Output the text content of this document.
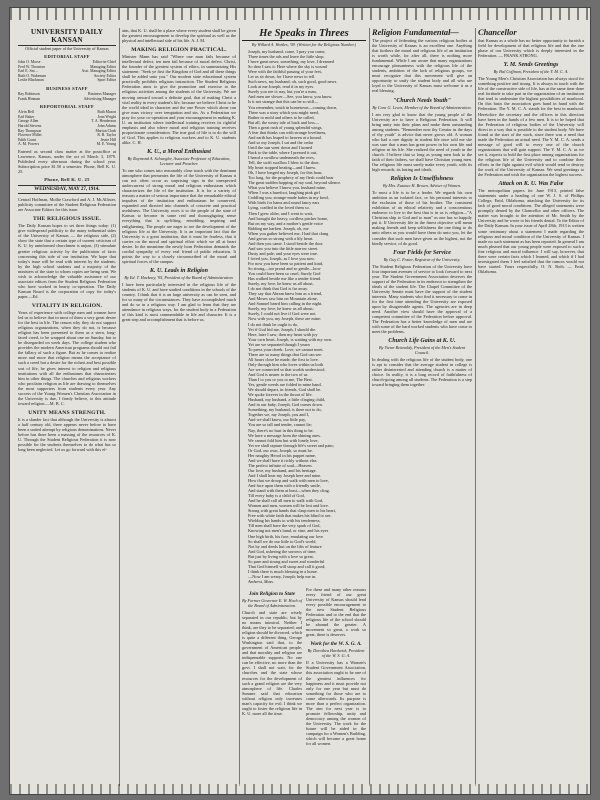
UNIVERSITY DAILY KANSAN
Official student paper of the University of Kansas
EDITORIAL STAFF
John O. Morse	Editor-in-Chief
Fred W. Thornton	Managing Editor
Earl E. Sm ...	Asst. Managing Editor
Ruth O. Wakeman	Society Editor
Leslie Blackman	Sport Editor
BUSINESS STAFF
Ray Robinson	Business Manager
Frank Hinman	Advertising Manager
REPORTORIAL STAFF
Alvin Bell	Ruth Mason
Earl Baker	Jean Wright
George Allen	T. A. Henderson
Harold Stevens	John Adams
Ray Thompson	Marion Clark
Florence Miller	R. B. Taylor
Edith Grant	Jessie Hill
A. M. Powers	M. E. Young
Entered as second class matter at the postoffice at Lawrence, Kansas, under the act of March 3, 1879. Published every afternoon during the school year. Subscription price $1.50 a semester. Phone, Bell K. U. 25.
Phone, Bell K. U. 25
WEDNESDAY, MAY 27, 1914.
Central Hoffman, Mollie Crawford and A. J. McAllister, publicity committee of the Student Religious Federation are Associate Editors for this issue.
THE RELIGIOUS ISSUE.
The Daily Kansan hopes to set three things today: (1) give widespread publicity to the many influential sides of the University of Kansas — the religious side, (2) show the state that a certain type of current criticism of K. U. by uninformed churchmen is unjust, (3) stimulate greater religious activity by the publication of facts concerning this side of our institution. We hope that today's issue will be read with interest by the students, by the high school students and a majority of the ministers of the state to whom copies are being sent. We wish to acknowledge the valuable assistance of our associate editors from the Student Religious Federation who have worked in hearty co-operation. The Daily Kansan Board is the corporation of copy for today's paper.—Ed.
VITALITY IN RELIGION.
Years of experience with college men and women have led us to believe that in most of them a very great desire for the best in life. The reason why they do not support religious organizations, when they do not, is because religion has been presented to them as a stern, long-faced creed, to be wrapped about one on Sunday, but to be disregarded on week days. The college student who provides the modern American programs should not fail the fallacy of such a figure. But as he comes to realize more and more that religion means the acceptance of such a creed but a desire for the richest and best possible sort of life, he gives interest to religion and religious institutions with all the enthusiasm that characterizes him in other things. The churches and religious workers who proclaim religion as life are drawing to themselves the most supporters from students every year. Any success of the Young Women's Christian Association in the University is due, I firmly believe, to this attitude toward religion.—M. B. C.
UNITY MEANS STRENGTH.
It is a slander fact that although the University is almost a half century old, there appears never before to have been a united attempt by religious denominations. Never before has there been a massing of the resources of K. U. Through the Student Religious Federation it is now possible for the students themselves to do what has so long been neglected. Let us go forward with this ef-
aim, that K. U. shall be a place where every student shall be given the greatest encouragement to develop the spiritual as well as the physical and intellectual side of his life. A. J. M.
MAKING RELIGION PRACTICAL.
Minister Mann has said "Where one man fails because of intellectual defect, ten men fail because of moral defect. Christ, the founder of the greatest system of ethics, in summarizing His statement: "Seek ye first the Kingdom of God and all these things shall be added unto you." Our modern state educational system practically prohibits religious instruction. The Student Religious Federation aims to give the promotion and exercise to the religious activities among the students of the University. We are moving onward toward a definite goal, that of making Christ a vital reality in every student's life, because we believe Christ to be the world ideal in character and the one Power which alone can give man victory over temptation and sin. As a Federation we pray for your co-operation and your encouragement in making K. U. an institution where intellectual training receives its rightful emphasis and also where moral and religious training receives proportionate consideration. The true goal of life is to do the will of God. This applies to religious workers and to K. U. students alike. C. H.
K. U., a Moral Enthusiast
By Raymond A. Schwegler, Associate Professor of Education, Lecturer and Preacher.
To one who comes into reasonably close touch with the dominant atmosphere that permeates the life of the University of Kansas it can not often occur as surprising sign in the unexpected undercurrent of strong moral and religious enthusiasm which characterizes the life of the institution. It is for a variety of reasons a matter of serious importance that the remarkable ethical impulses of the institution and enthusiasm be conserved, expanded and directed into channels of concrete and practical usefulness. The University owes it to the people of the state of Kansas to become in some real and thoroughgoing sense everything that is up-lifting, ennobling, inspiring and enlightening. The people are eager to see the development of the religious life at the University. It is an important fact that the University is a great institution, that it must be fearless, that it carries on the moral and spiritual effort which we all at heart desire. In the meantime the newly born Federation demands the cordial sympathy of every real friend of public education. It points the way to a closely circumscribed of the moral and spiritual forces of the campus.
K. U. Leads in Religion
By Ed. T. Hackney, '95, President of the Board of Administration.
I have been particularly interested in the religious life of the students of K. U. and have studied conditions in the schools of the country. I think that it is an large university as can be seen, and for so many of the circumstances. They have accomplished much and do so in a religious way. I am glad to learn that they are attendance in religious ways, for the student body in a Federation of this kind is most commendable in life and character. It is a great step and accomplishment that is before us.
He Speaks in Threes
By Willard A. Wattles, '09. (Written for the Religious Number.)
Joseph, my husband, come, I pray you come,
Three times the ads and leave the little shop.
I have great news; something, my love, I dreamed
So dear I saw it. Here where the sky is wound
Were with the faithful passing of your feet,
Let us sit down, for I have news to tell.
Such news, my husband, oh, such good, good news.
Look at me Joseph, read it in my eyes.
Surely you see it; nay, but you're a man,
And men are slower—See, you know, you know.
Is it not strange that this can be so still—
You remember, south in hometown—coming down,
There was a story which you might need,
Bather to mold and others to be called,
But all, the weary tale of back and loss—
Then a great rush of young splendid wings,
A fear that thinks can with strange loveliness,
And earth has leaped to heaven at a bound.
And so my Joseph, I sat and the cedar
Until the sun went down and I turned
Back to the table, where I pressed it out,
I heard a swallow underneath the eves,
Tell, the swift swallow I blew to the door,
My heart stopped beating—and I knew.
Oh, I have longed my Joseph, for this hour,
Too long, for the prophecy of my flesh could hear
The great sudden hopping of my soul, beyond silence.
What you believe I know you, husband mine,
When I was a barefoot, laughing pink girl
Coddling you, strange-made babes in my bowl,
With birds for hams and round fancy ears
Lying, cradled in the loved them so.
Then I grew older, and I went to wait,
And brought the heavy, cordless pitcher home,
But on my way, and a mother's gentle voice
Bidding me harken. Joseph, oh, me
When you gather believed me, I had that clang
And grown so strong with a lily heart.
And then you came. I stood beside the door
And saw you into the little narrow street.
Dusty and pale, and your eyes were true.
I loved you, Joseph, as I love you now.
For now you have been so patient and kind,
So strong—too proud and so gentle—how
You could have been so cruel, Surely God
Has walked beside me like a tender friend.
Surely, my love, he knew us all about,
I do not think that God is far away.
They say that Abram knew him as a friend,
And Moses saw him on Mountain alone,
And Samuel heard him calling in the night.
Surely, my love, he knew us all about;
Surely, I could not live if God were not.
Now with you, my Joseph, these are mine:
I do not think he ought to do,
Yet if God bid me, Joseph, I should die.
Here, later I saw; then my heart with joy
Your own heart, Joseph, is waiting with my own.
Yet are we separated though I yearn
To press your cheek. Love, we cannot meet.
There are so many things that God can see.
All hours close he made, the first to love.
Only through him who loves within us both
Are we connected so that worlds understood.
And God is nearer to the two of us
Than I to you or you to me, The Best.
Yes, gentle weeds are folded in mine hand.
We should depart, in friends, God shall be.
We spoke forever in the throat of life.
Husband, my husband, a little clinging child,
And in our baby, Joseph, God comes down.
Something, my husband, is there not to do,
Together we, my Joseph, you and I,
And we shall know, our little pay,
You are so tall and tender, cannot lie;
Nay, there's no hurt in this thing to be.
We have a message from the shining ones.
We cannot fold him but with lonely love,
Yet we shall rapture through life's sweet and pain;
Or God, our own, Joseph, so must be.
Her naughty Herod in his puppet name,
And we shall have it richly without else,
The perfect infinite of soul—Heaven.
Our love, my husband, and his heritage.
And I shall hear my Joseph here and mine.
How that we droop and walk with men to love,
And face upon them with a friendly smile,
And stand with them at least—when they cling.
Till every baby is a child of God,
And he shall call all men to walk with God,
Women and men, women will be lost and love.
Strong with great hands that clasp men to his heart,
Free with white faith that makes his blind to see.
Wielding his hands to with his tenderness,
Till men shall have the very spark of God,
Knowing not men's hand, or vine, and his eyes
One high birth, his face, emulating our love
So shall we do our little to God's world,
Not by and deeds but on the lifts of feature
And God, ushering the sorrows of time;
But just by living with a love so great,
So pure and strong and sweet and wonderful
That God himself will stoop and call it good;
I think there is much blessing in a home.
—Now I am weary, Joseph; help me in.
Amherst, Mass.
Join Religion to State
By Former Governor E. W. Hoch of the Board of Administration.
Church and state are wisely separated in our republic, but by no means inimical. Neither I think, are they to be separated; and religion should be divorced, which is quite a different thing. George Washington said that, to the government of American people, and that morality and religion are indispensable supports. No one can be effective, no more than the govt. I shall not wait, for the churches and the state whose resources for the development of such a grand religion are the very atmosphere of life. Charles Sumner said that education without religion only increases man's capacity for evil. I think we ought to foster the religious life in K. U. more all the time.
For these and many other reasons every friend of our great University of Kansas should lend every possible encouragement to the new Student Religious Federation and to the end that the religious life of the school should be abound the greater. A movement so great, a work so great, there is deserves.
Work for the W. S. G. A.
By Dorothea Hardwick, President of the W. S. G. A.
If a University has a Women's Student Government Association, this association ought to be one of the greatest influences for happiness and it must provide not only for one year but must do something for those who are to come afterwards. Its purpose is more than a perfect organization. The aim for next year is to promote fellowship, unity and democracy among the women of the University. The work for the future will be aided in the campaign for a Women's Building, which will become a great home for all women.
Religion Fundamental—
The project of federating the various religious bodies at the University of Kansas is an excellent one. Anything that furthers the moral and religious life of an institution is worth while, for after all, there is nothing more fundamental. While I am aware that many organizations encourage pleasantness with the religious life of the students, ambition of the lack of religious groups, we must recognize that this movement will give an opportunity to unify the student body and all who are loyal to the University of Kansas must welcome it as a real blessing.
"Church Needs Youth"
By Cora G. Lewis, Member of the Board of Administration.
I am very glad to know that the young people of the University are to have a Religious Federation. It will bring unity into their plans and make them outstanding among students. "Remember now thy Creator in the days of thy youth" is advice that never grows old. A woman who had a rare dignity in student life once told me she was sure that a man has great power in his own life and religion in his life. She realized the need of youth in the church. I believe that so long as young men look to the faith of their fathers, we shall have Christian young men. Our religious life must surely make every youth, with its high rewards, its lasting and ideals.
Religion Is Unselfishness
By Mrs. Eustace H. Brown, Adviser of Women.
To most a life is to be a leader. We regards his own ambition as an isolated fact, or his personal interests to the exclusion of those of his brother. The consistent exhibition of an ethical relativity and a conscientious endeavor to live to the best that is in us is religion—"A Christian ship to God and to man" as one has so happily put it. If University life in the finest objective will mean making friends and keep selfishness the one thing to do unto others as you would have them do unto you, let the consider that such men have given us the highest, not the kindly service, of do good.
Four Fields for Service
By Guy C. Foster, Registrar of the University.
The Student Religious Federation of the University have four important avenues of service to look forward to next year. The Student Government Association deserves the support of the Federation in its endeavor to strengthen the ideals of the student life. The Chapel Committee of the University Senate must have the support of the student interests. Many students who find it necessary to come in for the first time attending the University are exposed upon by disagreeable agents. The agencies are in deep need. Another view should have the approval of a competent committee of the Federation before approval. The Federation has a better knowledge of men and are with some of the hard worked students who have come to meet the problems.
Church Life Gains at K. U.
By Victor Reinsoldy, President of the Men's Student Council.
In dealing with the religious life of the student body, one is apt to consider that the average student in college is rather disinterested and attending church is a matter of choice. In reality, it is a long record of faithfulness of church-going among all students. The Federation is a step toward bringing them together.
Chancellor
that Kansas as a whole has no better opportunity to furnish a field for development of that religious life and that the one phase of our University which is deeply interested in the Federation. — FRANK STRONG.
Y. M. Sends Greetings
By Hal Coffman, President of the Y. M. C. A.
The Young Men's Christian Association has always stood for something positive and strong. It is always in touch with the life of the constructive side of life, has at the same time done real fortitude to take part in the organization of an institution that tend to undermine the highest possibilities of manhood. On this basis the association goes hand in hand with the Federation. The Y. M. C. A. stands for the best in manhood. Heretofore the secretary and the officers in this direction have been in the hands of a few men. It is to be hoped that the Federation of religious bodies of the University will direct in a way that is possible to the student body. We have found at the start of the work, since there was a need that made the Federation an actual need. The Y. M. C. A. sends a message of good will to every one of the church organizations that will gain support. The Y. M. C. A. as we see it, expects to hold the first place among organizations for the religious life of the University and to combine their efforts in the fight against evil which would tend to destroy the work of the University of Kansas. We send greetings to the Federation and wish the organization the highest success.
Attack on K. U. Was False
The metropolitan papers for June 1913, printed false statements under a heading of one W. J. S. of Phillips College, Enid, Oklahoma, attacking the University for its lack of good moral conditions. The alleged statements were promptly denied by the Chancellor and other officers. The matter was brought to the attention of Mr. Smith by the University and he wrote to his friends denial. To the Editor of the Daily Kansan: In your issue of April 28th, 1913 is written some testimony about a statement I made regarding the religious and moral condition of the University of Kansas. I made no such statement as has been reported. In general I am much pleased that our young people were exposed to such a fine religious and moral influence. I will say, however, that there were certain facts which I learned, and which if I had investigated them I feel satisfied that the rumors would not have started. Yours respectfully, O. N. Roth. — Enid, Oklahoma.
